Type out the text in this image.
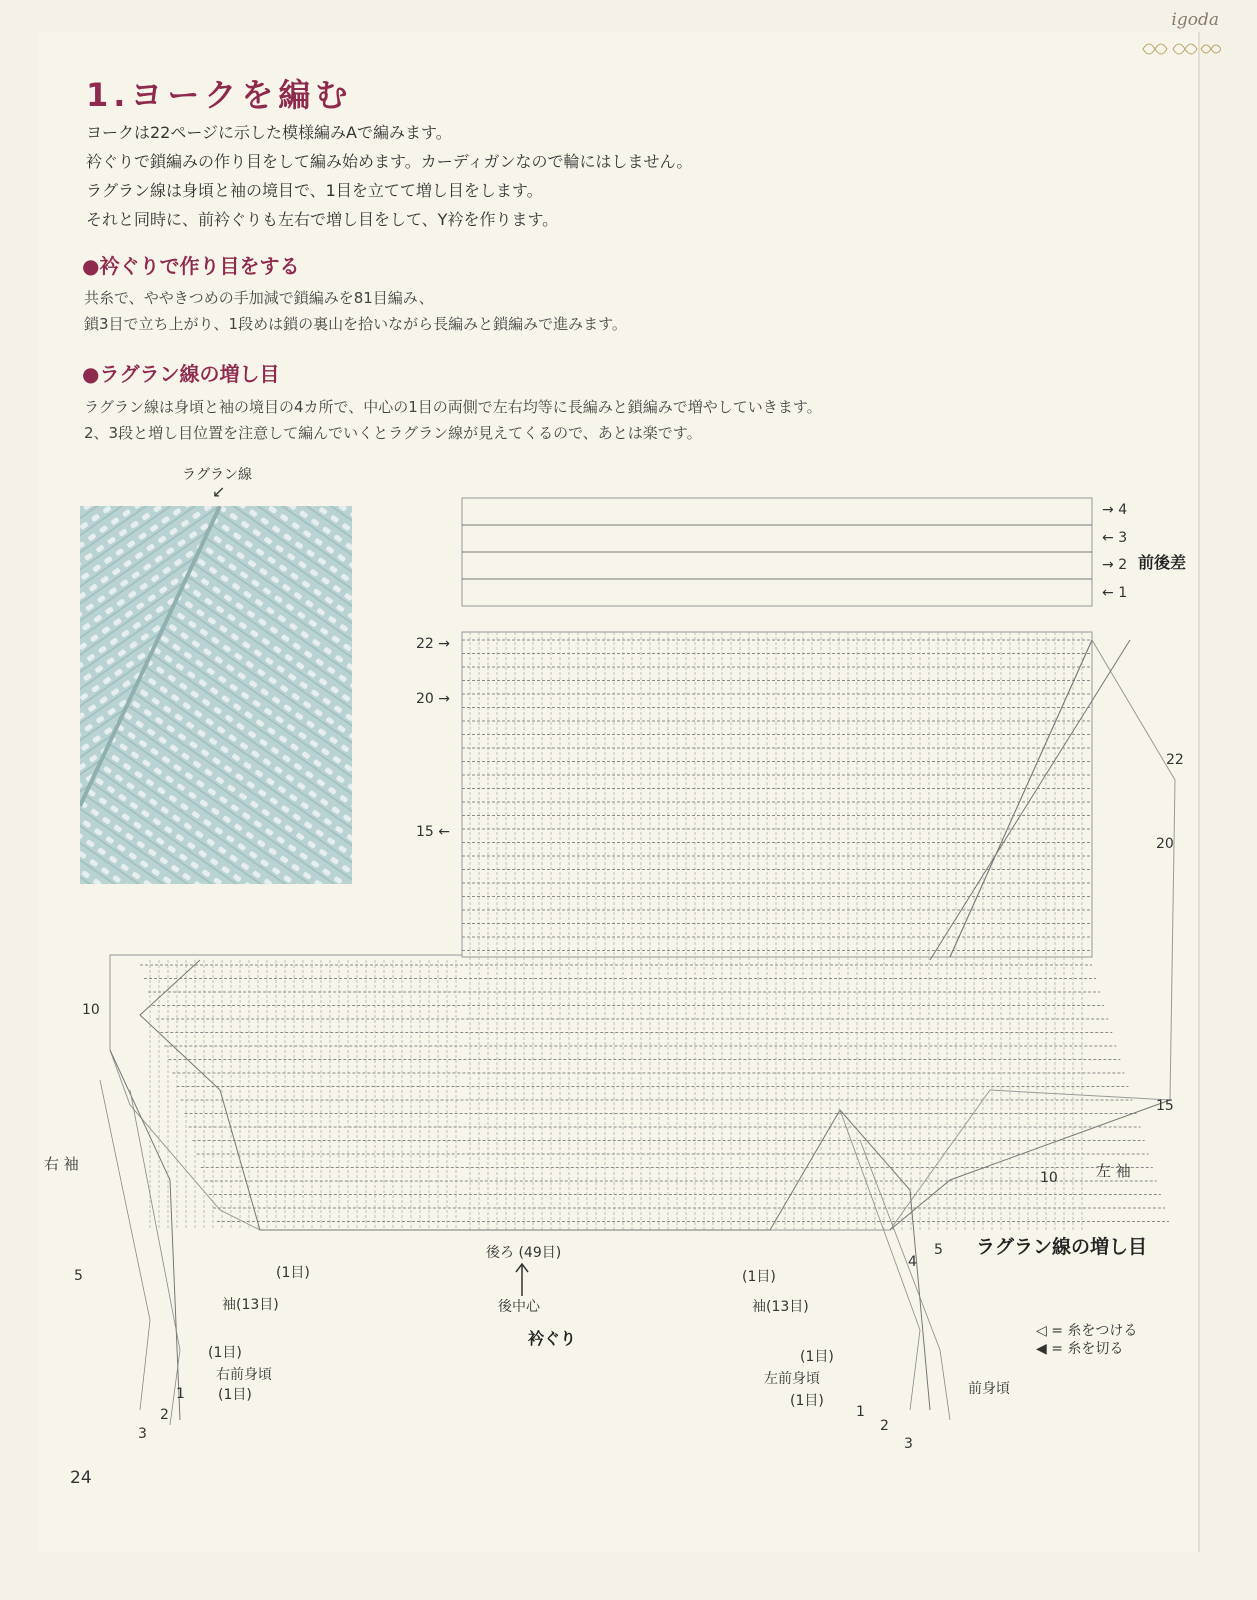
igoda
1.ヨークを編む
ヨークは22ページに示した模様編みAで編みます。
衿ぐりで鎖編みの作り目をして編み始めます。カーディガンなので輪にはしません。
ラグラン線は身頃と袖の境目で、1目を立てて増し目をします。
それと同時に、前衿ぐりも左右で増し目をして、Y衿を作ります。
●衿ぐりで作り目をする
共糸で、ややきつめの手加減で鎖編みを81目編み、
鎖3目で立ち上がり、1段めは鎖の裏山を拾いながら長編みと鎖編みで進みます。
●ラグラン線の増し目
ラグラン線は身頃と袖の境目の4カ所で、中心の1目の両側で左右均等に長編みと鎖編みで増やしていきます。
2、3段と増し目位置を注意して編んでいくとラグラン線が見えてくるので、あとは楽です。
ラグラン線
↙
→ 4
← 3
→ 2
← 1
前後差
22 →
20 →
15 ←
22
20
15
10
10
5
右 袖	左 袖
5
4
ラグラン線の増し目
後ろ (49目)
後中心
衿ぐり
(1目)
袖(13目)
(1目)
右前身頃
(1目)
1
2
3
(1目)
袖(13目)
(1目)
左前身頃
(1目)
1
2
3
前身頃
◁ = 糸をつける
◀ = 糸を切る
24
